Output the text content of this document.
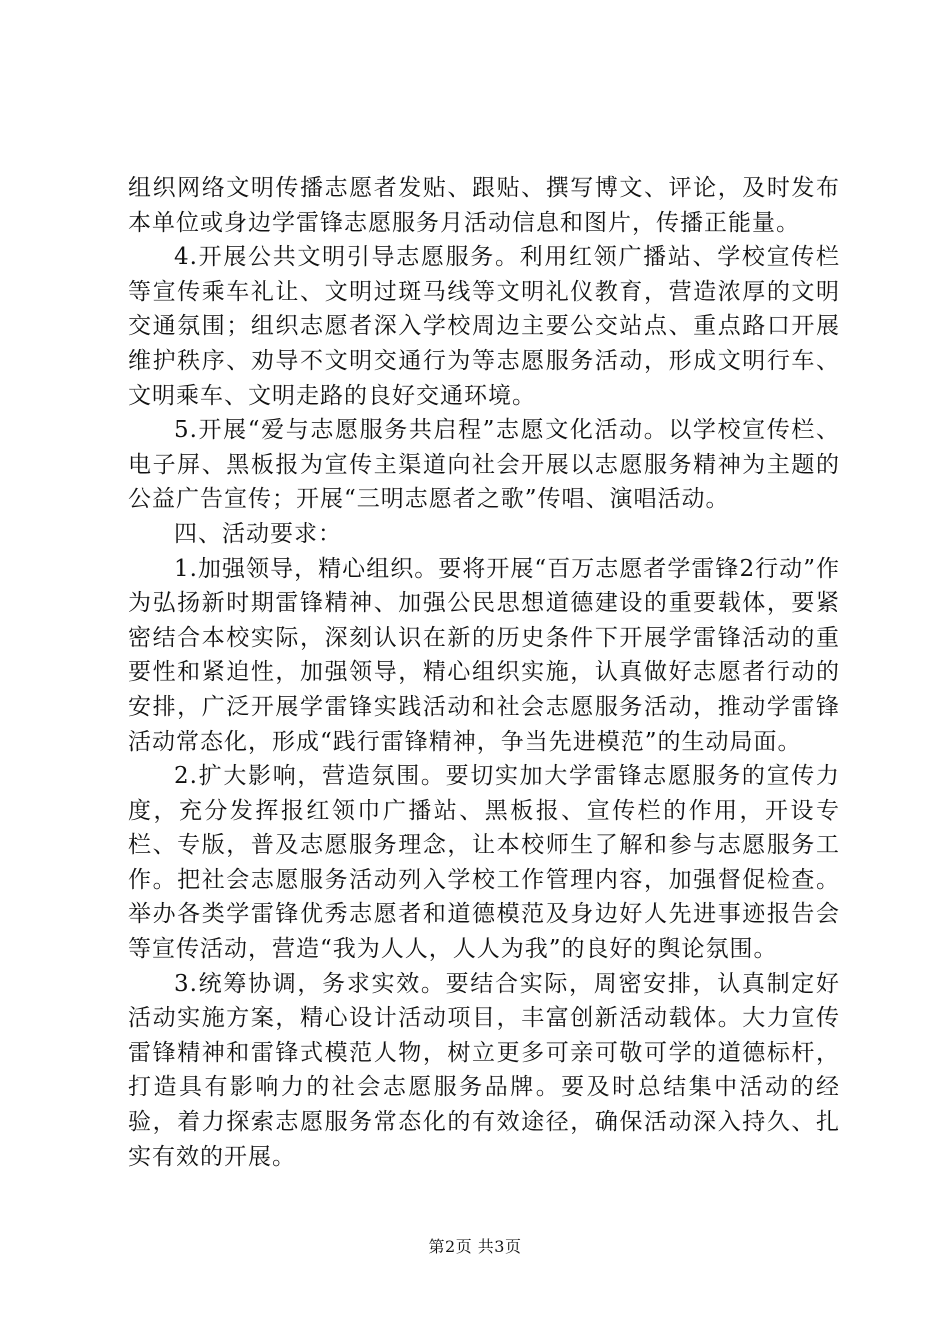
组织网络文明传播志愿者发贴、跟贴、撰写博文、评论，及时发布本单位或身边学雷锋志愿服务月活动信息和图片，传播正能量。

4.开展公共文明引导志愿服务。利用红领广播站、学校宣传栏等宣传乘车礼让、文明过斑马线等文明礼仪教育，营造浓厚的文明交通氛围；组织志愿者深入学校周边主要公交站点、重点路口开展维护秩序、劝导不文明交通行为等志愿服务活动，形成文明行车、文明乘车、文明走路的良好交通环境。

5.开展“爱与志愿服务共启程”志愿文化活动。以学校宣传栏、电子屏、黑板报为宣传主渠道向社会开展以志愿服务精神为主题的公益广告宣传；开展“三明志愿者之歌”传唱、演唱活动。

四、活动要求：

1.加强领导，精心组织。要将开展“百万志愿者学雷锋2行动”作为弘扬新时期雷锋精神、加强公民思想道德建设的重要载体，要紧密结合本校实际，深刻认识在新的历史条件下开展学雷锋活动的重要性和紧迫性，加强领导，精心组织实施，认真做好志愿者行动的安排，广泛开展学雷锋实践活动和社会志愿服务活动，推动学雷锋活动常态化，形成“践行雷锋精神，争当先进模范”的生动局面。

2.扩大影响，营造氛围。要切实加大学雷锋志愿服务的宣传力度，充分发挥报红领巾广播站、黑板报、宣传栏的作用，开设专栏、专版，普及志愿服务理念，让本校师生了解和参与志愿服务工作。把社会志愿服务活动列入学校工作管理内容，加强督促检查。举办各类学雷锋优秀志愿者和道德模范及身边好人先进事迹报告会等宣传活动，营造“我为人人，人人为我”的良好的舆论氛围。

3.统筹协调，务求实效。要结合实际，周密安排，认真制定好活动实施方案，精心设计活动项目，丰富创新活动载体。大力宣传雷锋精神和雷锋式模范人物，树立更多可亲可敬可学的道德标杆，打造具有影响力的社会志愿服务品牌。要及时总结集中活动的经验，着力探索志愿服务常态化的有效途径，确保活动深入持久、扎实有效的开展。

第2页 共3页
